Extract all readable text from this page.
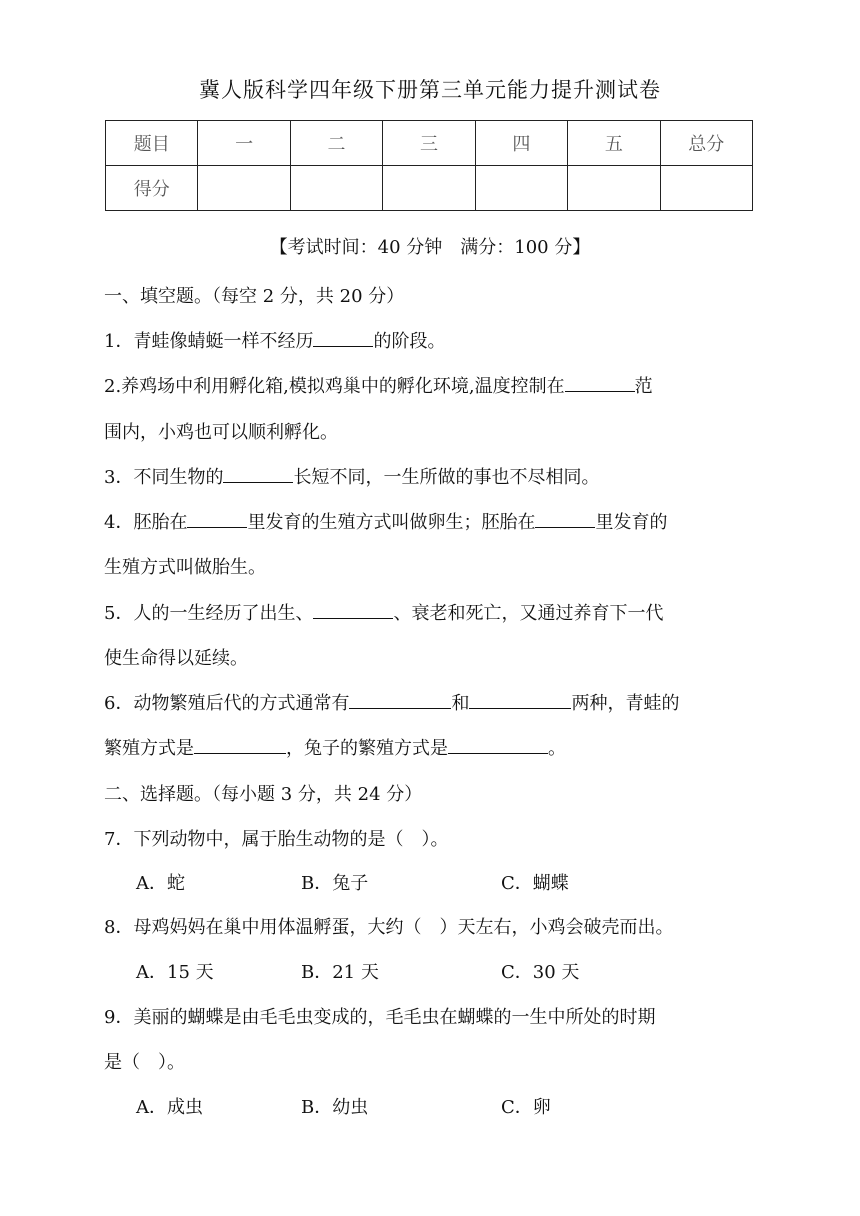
冀人版科学四年级下册第三单元能力提升测试卷
题目	一	二	三	四	五	总分
得分						
【考试时间：40 分钟　满分：100 分】
一、填空题。（每空 2 分，共 20 分）
1．青蛙像蜻蜓一样不经历	的阶段。
2.养鸡场中利用孵化箱,模拟鸡巢中的孵化环境,温度控制在	范
围内，小鸡也可以顺利孵化。
3．不同生物的	长短不同，一生所做的事也不尽相同。
4．胚胎在	里发育的生殖方式叫做卵生；胚胎在	里发育的
生殖方式叫做胎生。
5．人的一生经历了出生、	、衰老和死亡，又通过养育下一代
使生命得以延续。
6．动物繁殖后代的方式通常有	和	两种，青蛙的
繁殖方式是	，兔子的繁殖方式是	。
二、选择题。（每小题 3 分，共 24 分）
7．下列动物中，属于胎生动物的是（　）。
A．蛇	B．兔子	C．蝴蝶
8．母鸡妈妈在巢中用体温孵蛋，大约（　）天左右，小鸡会破壳而出。
A．15 天	B．21 天	C．30 天
9．美丽的蝴蝶是由毛毛虫变成的，毛毛虫在蝴蝶的一生中所处的时期
是（　）。
A．成虫	B．幼虫	C．卵
